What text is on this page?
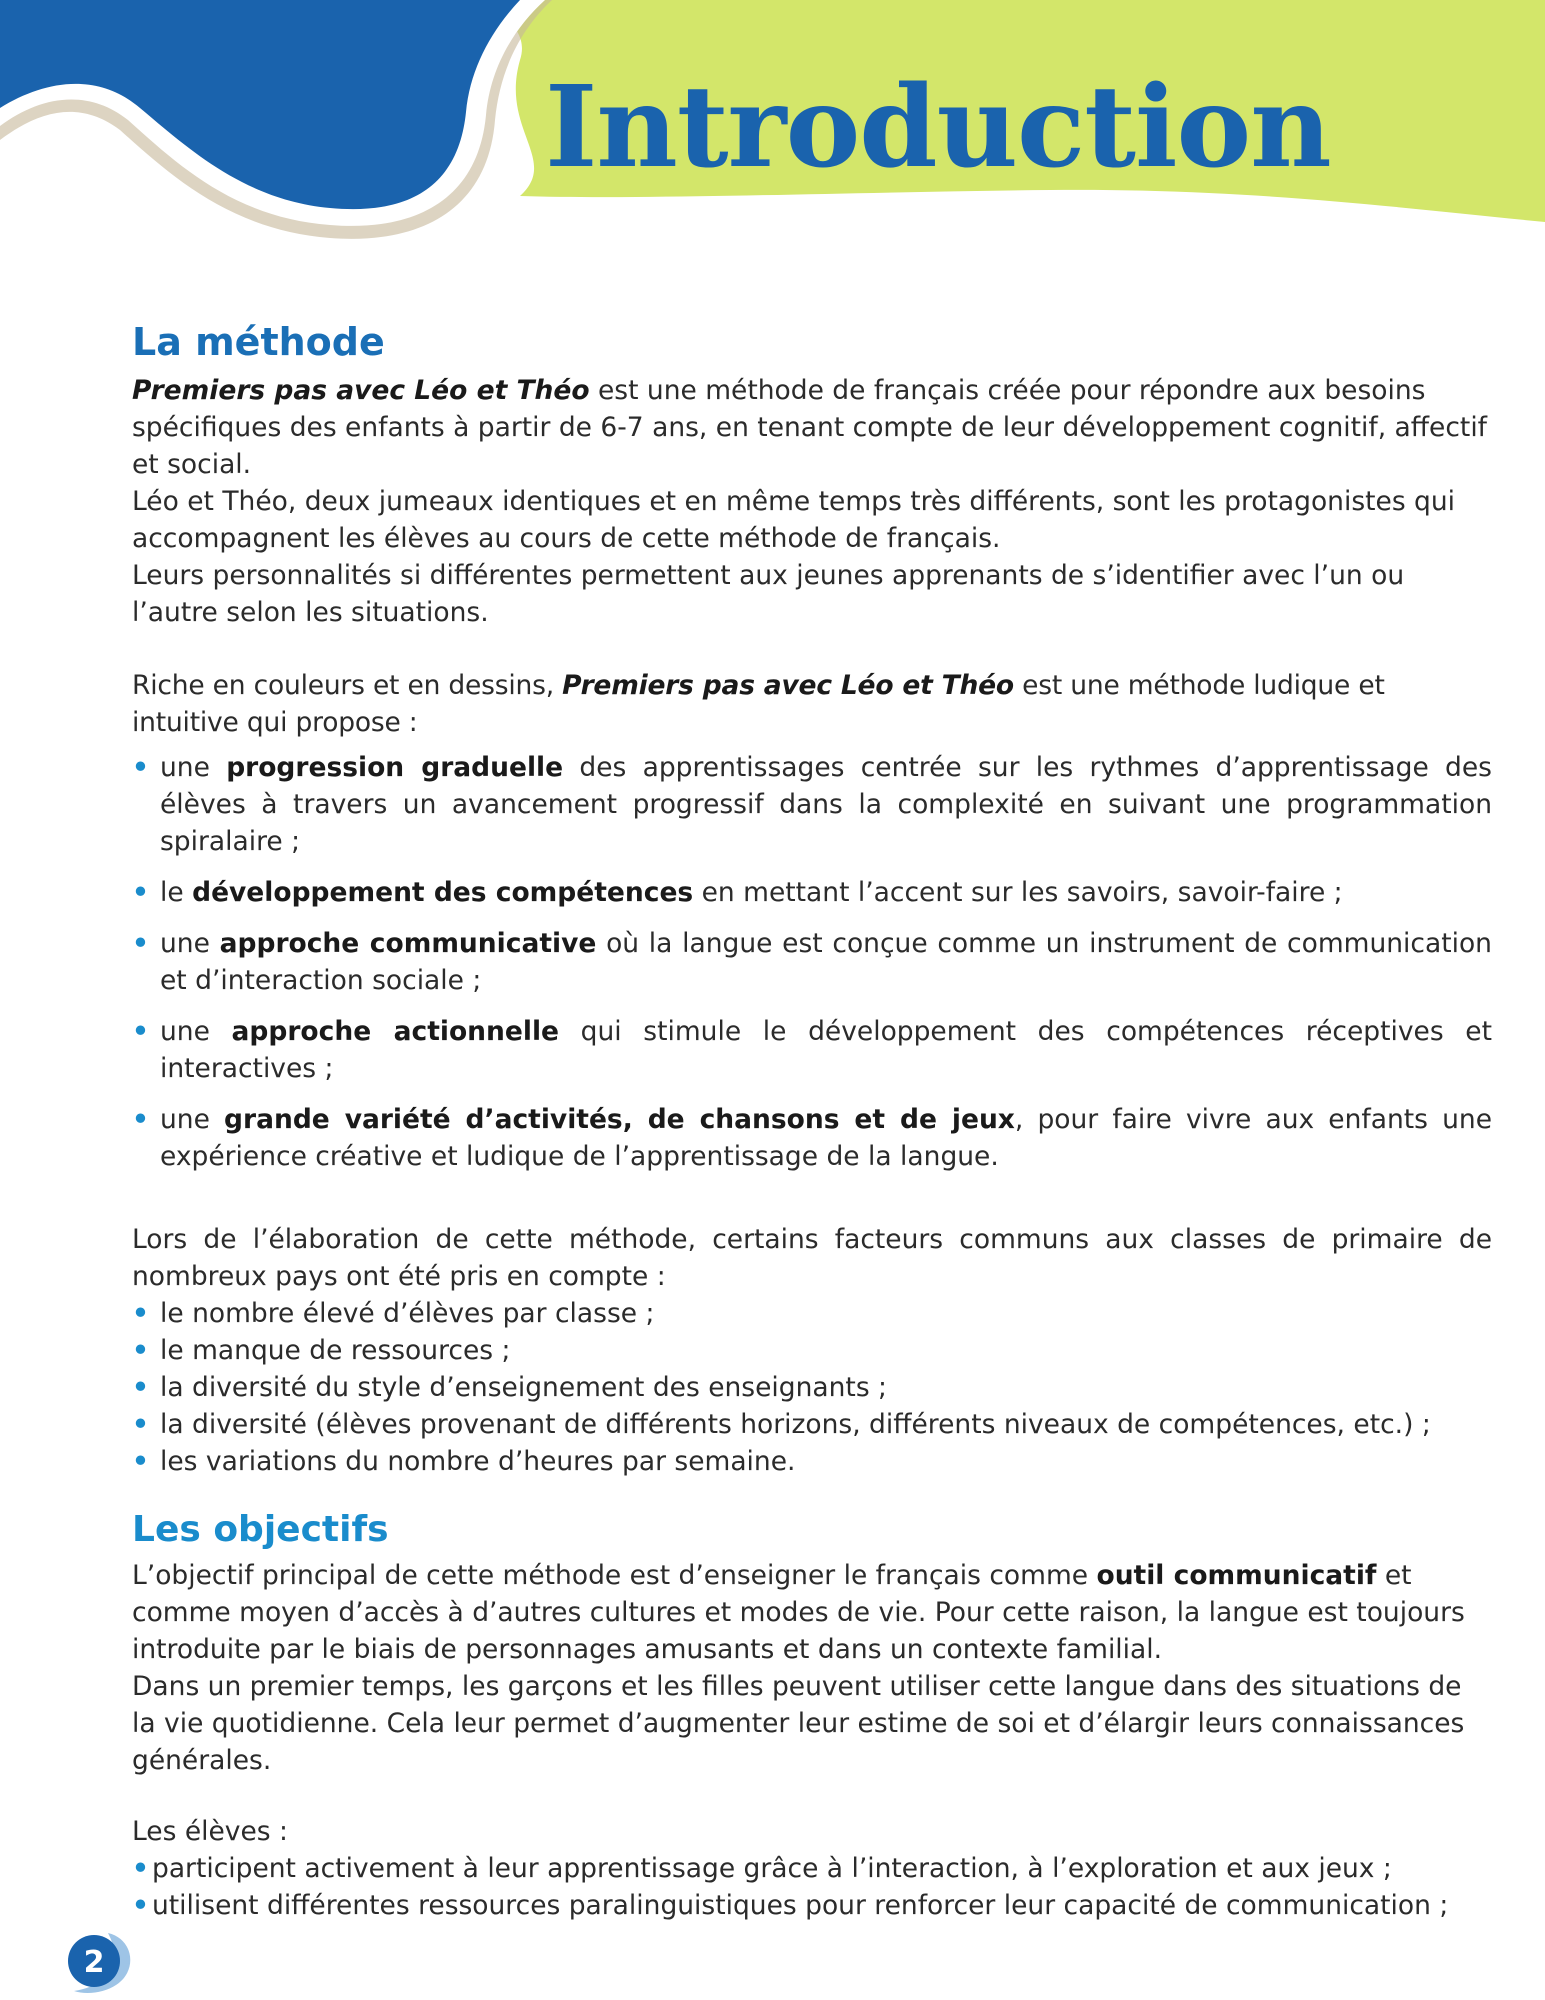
Introduction
La méthode

Premiers pas avec Léo et Théo est une méthode de français créée pour répondre aux besoins spécifiques des enfants à partir de 6-7 ans, en tenant compte de leur développement cognitif, affectif et social.

Léo et Théo, deux jumeaux identiques et en même temps très différents, sont les protagonistes qui accompagnent les élèves au cours de cette méthode de français.

Leurs personnalités si différentes permettent aux jeunes apprenants de s’identifier avec l’un ou l’autre selon les situations.

Riche en couleurs et en dessins, Premiers pas avec Léo et Théo est une méthode ludique et intuitive qui propose :

• une progression graduelle des apprentissages centrée sur les rythmes d’apprentissage des élèves à travers un avancement progressif dans la complexité en suivant une programmation spiralaire ;
• le développement des compétences en mettant l’accent sur les savoirs, savoir-faire ;
• une approche communicative où la langue est conçue comme un instrument de communication et d’interaction sociale ;
• une approche actionnelle qui stimule le développement des compétences réceptives et interactives ;
• une grande variété d’activités, de chansons et de jeux, pour faire vivre aux enfants une expérience créative et ludique de l’apprentissage de la langue.

Lors de l’élaboration de cette méthode, certains facteurs communs aux classes de primaire de nombreux pays ont été pris en compte :

• le nombre élevé d’élèves par classe ;
• le manque de ressources ;
• la diversité du style d’enseignement des enseignants ;
• la diversité (élèves provenant de différents horizons, différents niveaux de compétences, etc.) ;
• les variations du nombre d’heures par semaine.
Les objectifs

L’objectif principal de cette méthode est d’enseigner le français comme outil communicatif et comme moyen d’accès à d’autres cultures et modes de vie. Pour cette raison, la langue est toujours introduite par le biais de personnages amusants et dans un contexte familial.

Dans un premier temps, les garçons et les filles peuvent utiliser cette langue dans des situations de la vie quotidienne. Cela leur permet d’augmenter leur estime de soi et d’élargir leurs connaissances générales.

Les élèves :

• participent activement à leur apprentissage grâce à l’interaction, à l’exploration et aux jeux ;
• utilisent différentes ressources paralinguistiques pour renforcer leur capacité de communication ;
2
